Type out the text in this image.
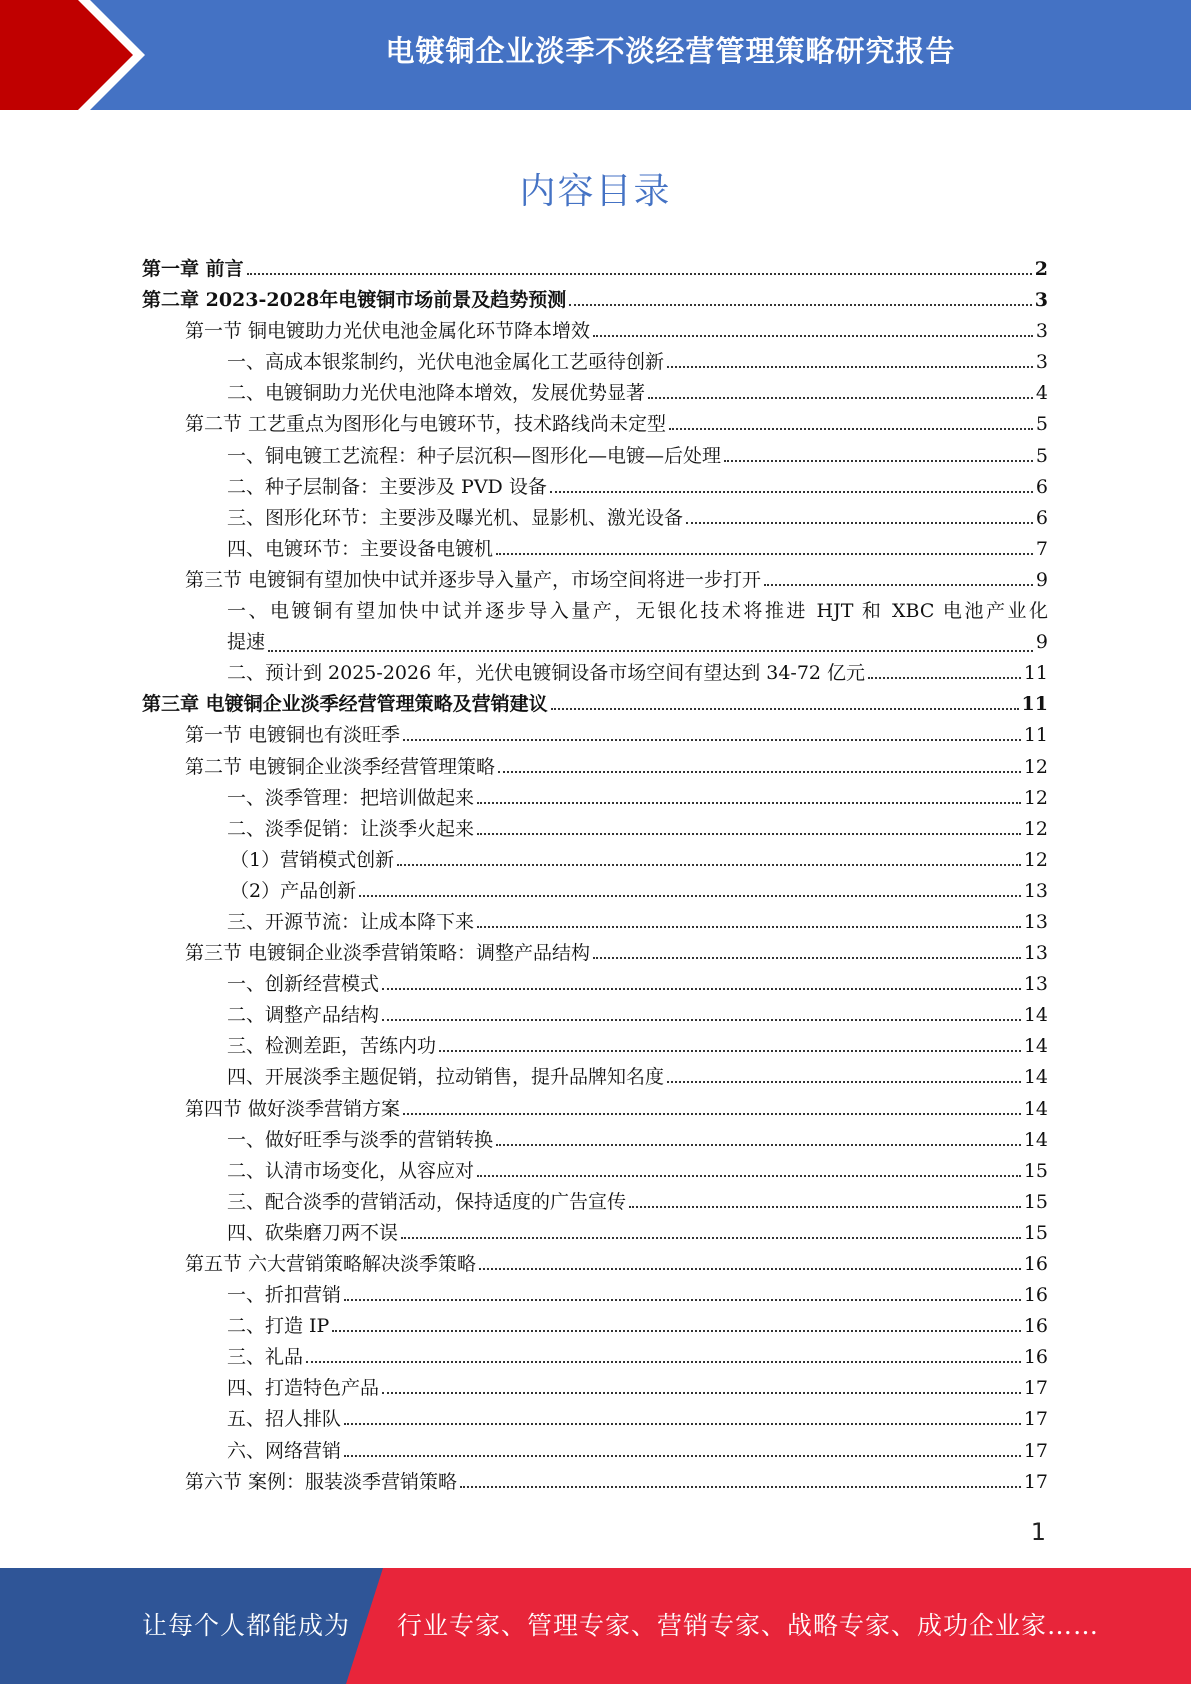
电镀铜企业淡季不淡经营管理策略研究报告
内容目录
第一章 前言	2
第二章 2023-2028年电镀铜市场前景及趋势预测	3
第一节 铜电镀助力光伏电池金属化环节降本增效	3
一、高成本银浆制约，光伏电池金属化工艺亟待创新	3
二、电镀铜助力光伏电池降本增效，发展优势显著	4
第二节 工艺重点为图形化与电镀环节，技术路线尚未定型	5
一、铜电镀工艺流程：种子层沉积—图形化—电镀—后处理	5
二、种子层制备：主要涉及 PVD 设备	6
三、图形化环节：主要涉及曝光机、显影机、激光设备	6
四、电镀环节：主要设备电镀机	7
第三节 电镀铜有望加快中试并逐步导入量产，市场空间将进一步打开	9
一、电镀铜有望加快中试并逐步导入量产，无银化技术将推进 HJT 和 XBC 电池产业化
提速	9
二、预计到 2025-2026 年，光伏电镀铜设备市场空间有望达到 34-72 亿元	11
第三章 电镀铜企业淡季经营管理策略及营销建议	11
第一节 电镀铜也有淡旺季	11
第二节 电镀铜企业淡季经营管理策略	12
一、淡季管理：把培训做起来	12
二、淡季促销：让淡季火起来	12
（1）营销模式创新	12
（2）产品创新	13
三、开源节流：让成本降下来	13
第三节 电镀铜企业淡季营销策略：调整产品结构	13
一、创新经营模式	13
二、调整产品结构	14
三、检测差距，苦练内功	14
四、开展淡季主题促销，拉动销售，提升品牌知名度	14
第四节 做好淡季营销方案	14
一、做好旺季与淡季的营销转换	14
二、认清市场变化，从容应对	15
三、配合淡季的营销活动，保持适度的广告宣传	15
四、砍柴磨刀两不误	15
第五节 六大营销策略解决淡季策略	16
一、折扣营销	16
二、打造 IP	16
三、礼品	16
四、打造特色产品	17
五、招人排队	17
六、网络营销	17
第六节 案例：服装淡季营销策略	17
1
让每个人都能成为 行业专家、管理专家、营销专家、战略专家、成功企业家……
